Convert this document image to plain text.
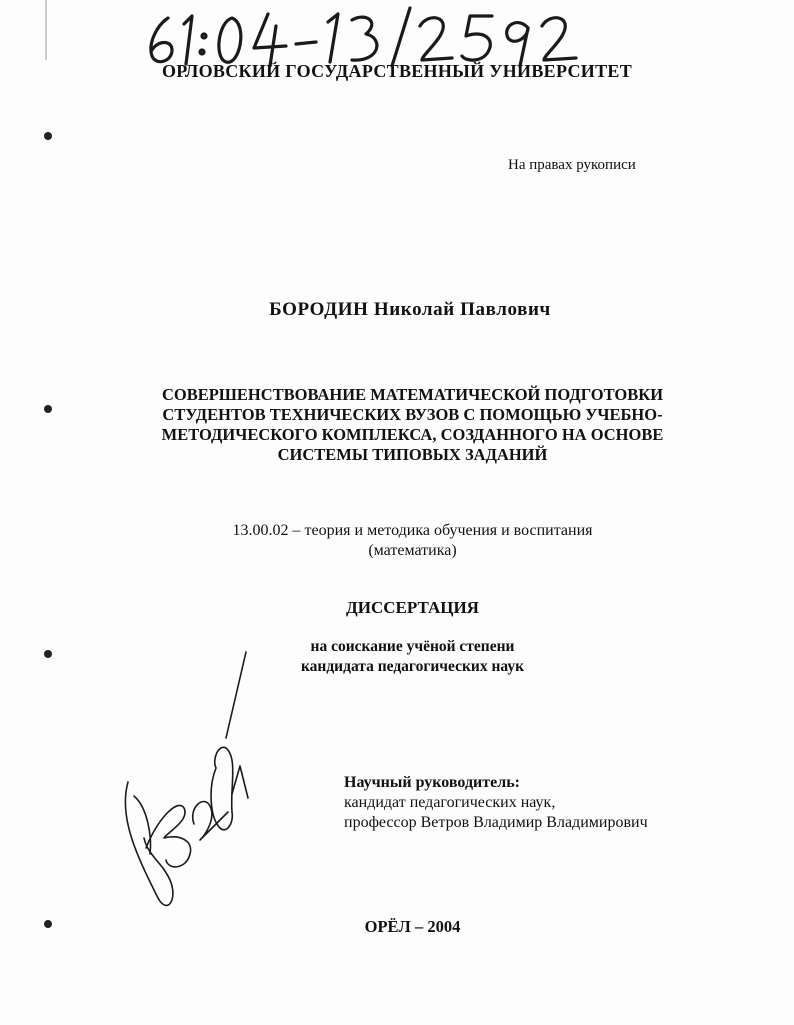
ОРЛОВСКИЙ ГОСУДАРСТВЕННЫЙ УНИВЕРСИТЕТ
На правах рукописи
БОРОДИН Николай Павлович
СОВЕРШЕНСТВОВАНИЕ МАТЕМАТИЧЕСКОЙ ПОДГОТОВКИ
СТУДЕНТОВ ТЕХНИЧЕСКИХ ВУЗОВ С ПОМОЩЬЮ УЧЕБНО-
МЕТОДИЧЕСКОГО КОМПЛЕКСА, СОЗДАННОГО НА ОСНОВЕ
СИСТЕМЫ ТИПОВЫХ ЗАДАНИЙ
13.00.02 – теория и методика обучения и воспитания
(математика)
ДИССЕРТАЦИЯ
на соискание учёной степени
кандидата педагогических наук
Научный руководитель:
кандидат педагогических наук,
профессор Ветров Владимир Владимирович
ОРЁЛ – 2004
